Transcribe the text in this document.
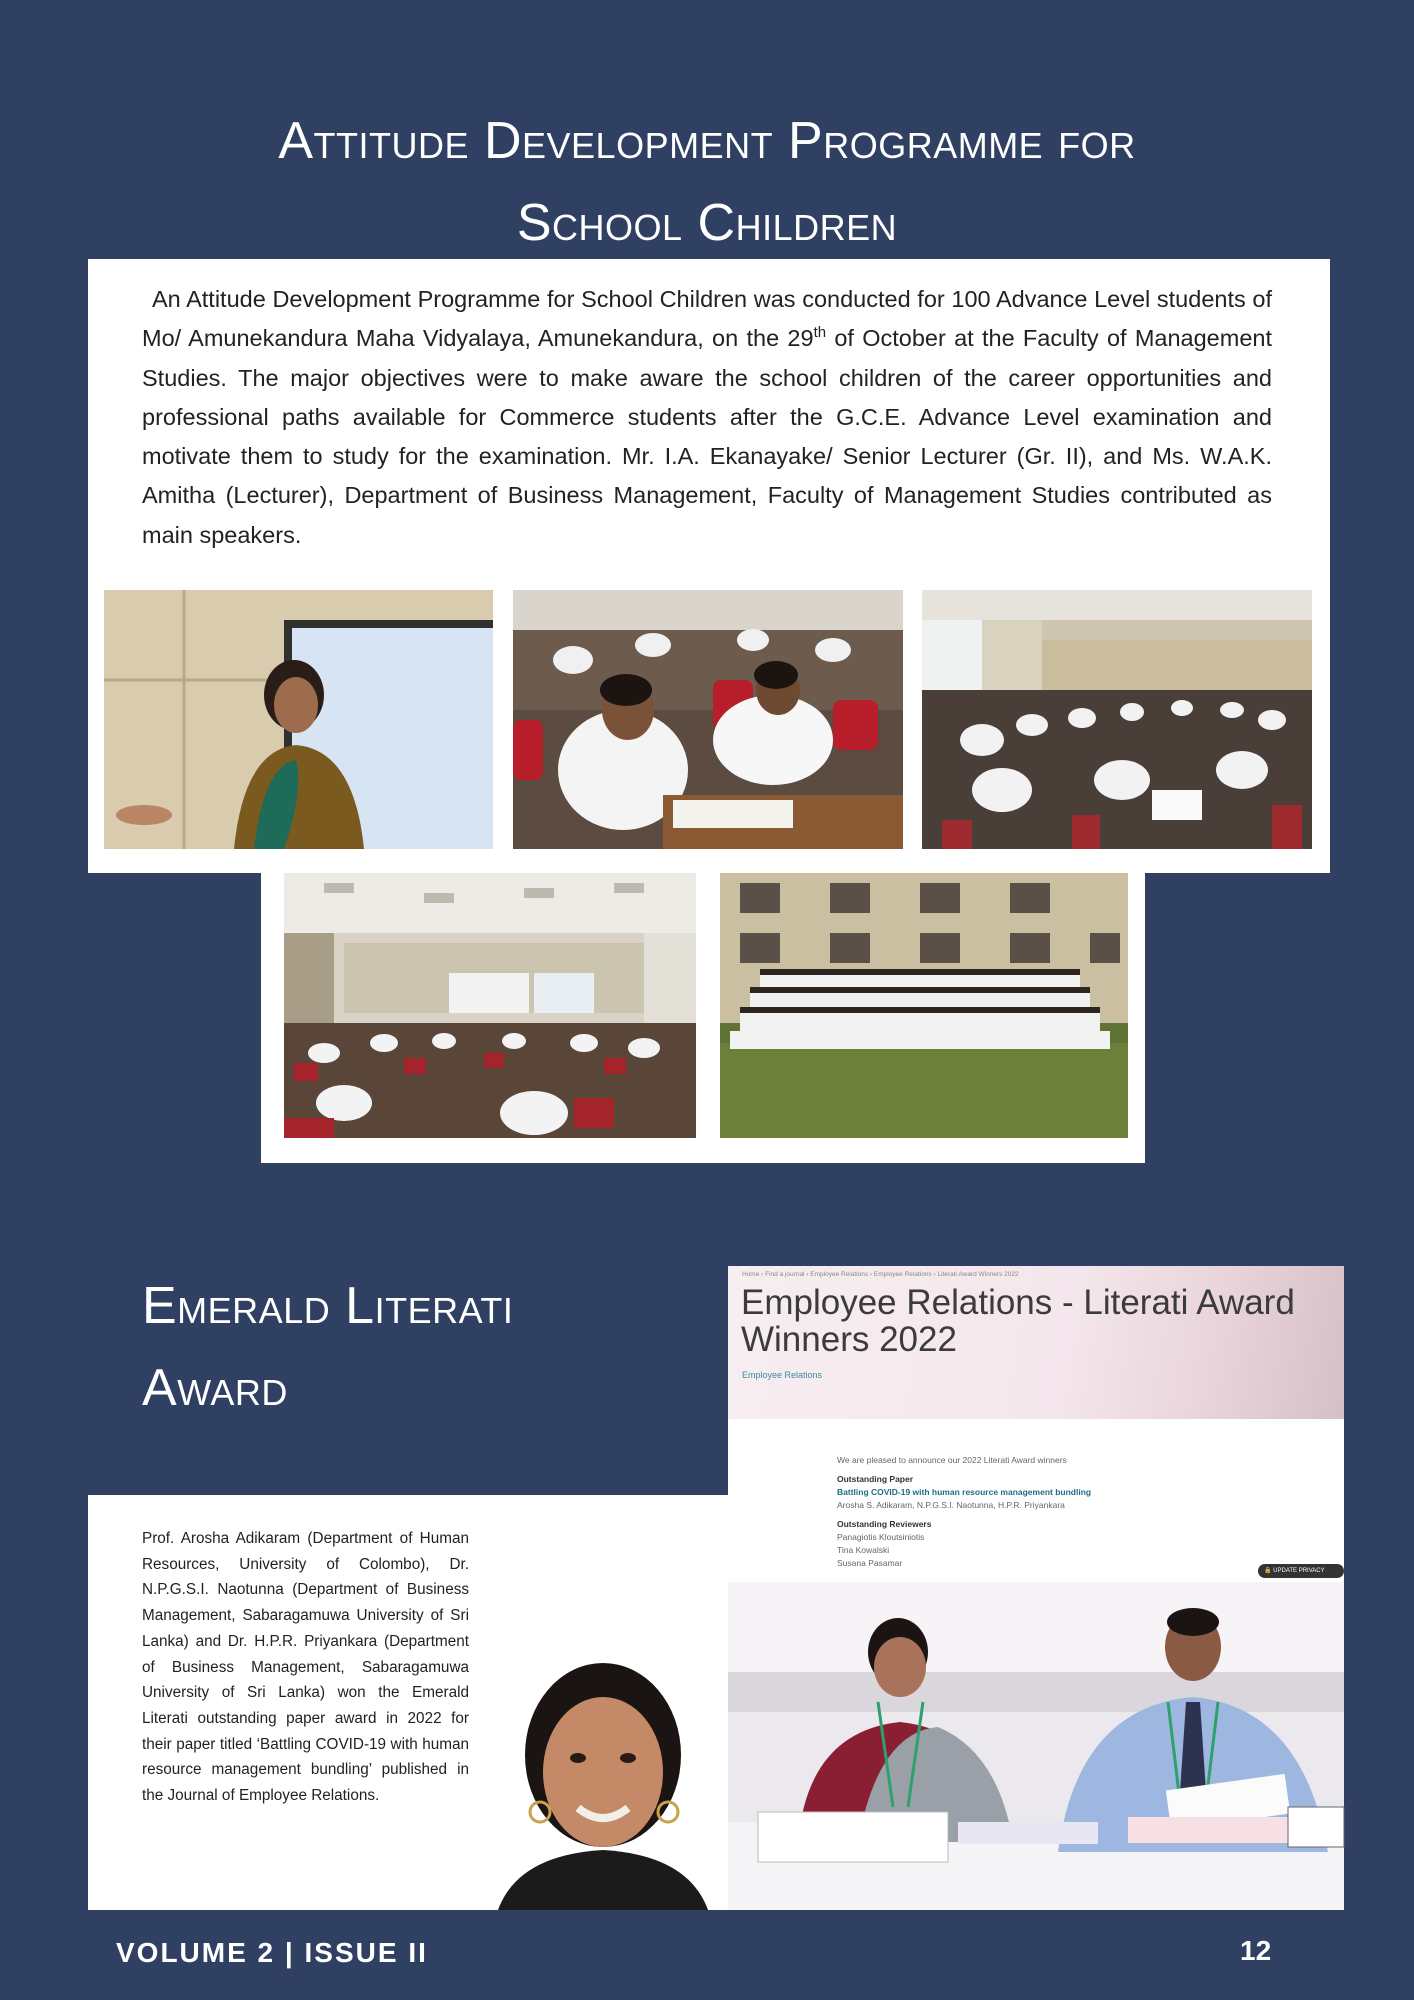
Attitude Development Programme for
School Children
An Attitude Development Programme for School Children was conducted for 100 Advance Level students of Mo/ Amunekandura Maha Vidyalaya, Amunekandura, on the 29th of October at the Faculty of Management Studies. The major objectives were to make aware the school children of the career opportunities and professional paths available for Commerce students after the G.C.E. Advance Level examination and motivate them to study for the examination. Mr. I.A. Ekanayake/ Senior Lecturer (Gr. II), and Ms. W.A.K. Amitha (Lecturer), Department of Business Management, Faculty of Management Studies contributed as main speakers.
Emerald Literati
Award
Prof. Arosha Adikaram (Department of Human Resources, University of Colombo), Dr. N.P.G.S.I. Naotunna (Department of Business Management, Sabaragamuwa University of Sri Lanka) and Dr. H.P.R. Priyankara (Department of Business Management, Sabaragamuwa University of Sri Lanka) won the Emerald Literati outstanding paper award in 2022 for their paper titled ‘Battling COVID-19 with human resource management bundling’ published in the Journal of Employee Relations.
Home › Find a journal › Employee Relations › Employee Relations › Literati Award Winners 2022
Employee Relations - Literati Award Winners 2022
Employee Relations
We are pleased to announce our 2022 Literati Award winners
Outstanding Paper
Battling COVID-19 with human resource management bundling
Arosha S. Adikaram, N.P.G.S.I. Naotunna, H.P.R. Priyankara
Outstanding Reviewers
Panagiotis Kloutsiniotis
Tina Kowalski
Susana Pasamar
🔒 UPDATE PRIVACY
VOLUME 2 | ISSUE II	12
